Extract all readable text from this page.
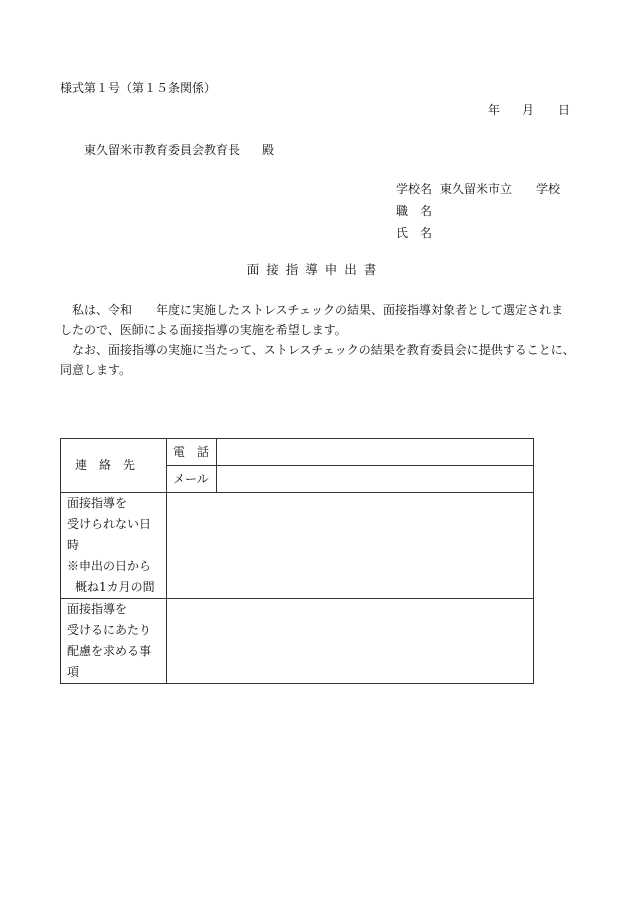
様式第１号（第１５条関係）
年 月 日
東久留米市教育委員会教育長 殿
学校名 東久留米市立　　学校
職　名
氏　名
面接指導申出書

私は、令和　　年度に実施したストレスチェックの結果、面接指導対象者として選定されましたので、医師による面接指導の実施を希望します。

なお、面接指導の実施に当たって、ストレスチェックの結果を教育委員会に提供することに、同意します。

連　絡　先	電　話	
	メール	

面接指導を
受けられない日時
※申出の日から
概ね1カ月の間		

面接指導を
受けるにあたり
配慮を求める事項		
